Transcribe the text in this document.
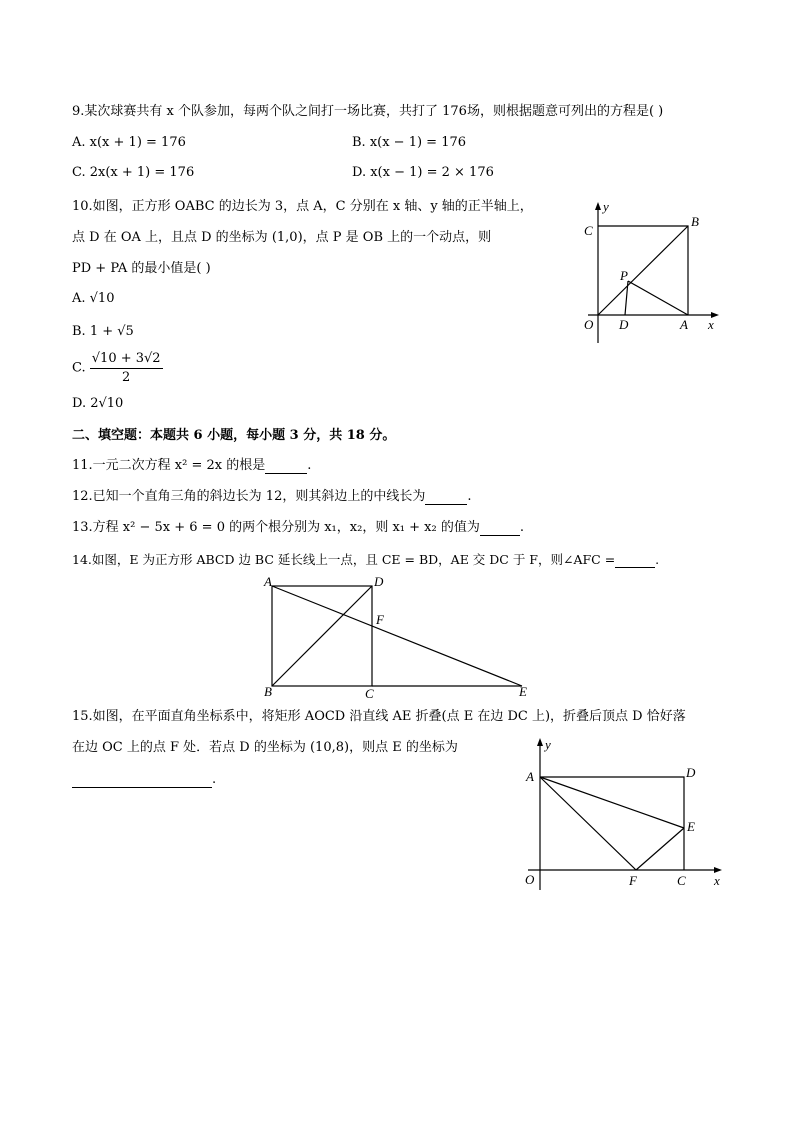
9.某次球赛共有 x 个队参加，每两个队之间打一场比赛，共打了 176场，则根据题意可列出的方程是( )
A. x(x + 1) = 176	B. x(x − 1) = 176
C. 2x(x + 1) = 176	D. x(x − 1) = 2 × 176
10.如图，正方形 OABC 的边长为 3，点 A，C 分别在 x 轴、y 轴的正半轴上，
点 D 在 OA 上，且点 D 的坐标为 (1,0)，点 P 是 OB 上的一个动点，则
PD + PA 的最小值是( )
A. √10
B. 1 + √5
C. $\frac{√10 + 3√2}{2}$
D. 2√10
y
x
B
C
P
O D	A
二、填空题：本题共 6 小题，每小题 3 分，共 18 分。
11.一元二次方程 x² = 2x 的根是	.
12.已知一个直角三角的斜边长为 12，则其斜边上的中线长为	.
13.方程 x² − 5x + 6 = 0 的两个根分别为 x₁，x₂，则 x₁ + x₂ 的值为	.
14.如图，E 为正方形 ABCD 边 BC 延长线上一点，且 CE = BD，AE 交 DC 于 F，则∠AFC =	.
A	D
F
B	C	E
15.如图，在平面直角坐标系中，将矩形 AOCD 沿直线 AE 折叠(点 E 在边 DC 上)，折叠后顶点 D 恰好落
在边 OC 上的点 F 处．若点 D 的坐标为 (10,8)，则点 E 的坐标为
.
y
A	D
E
O	F	C x
